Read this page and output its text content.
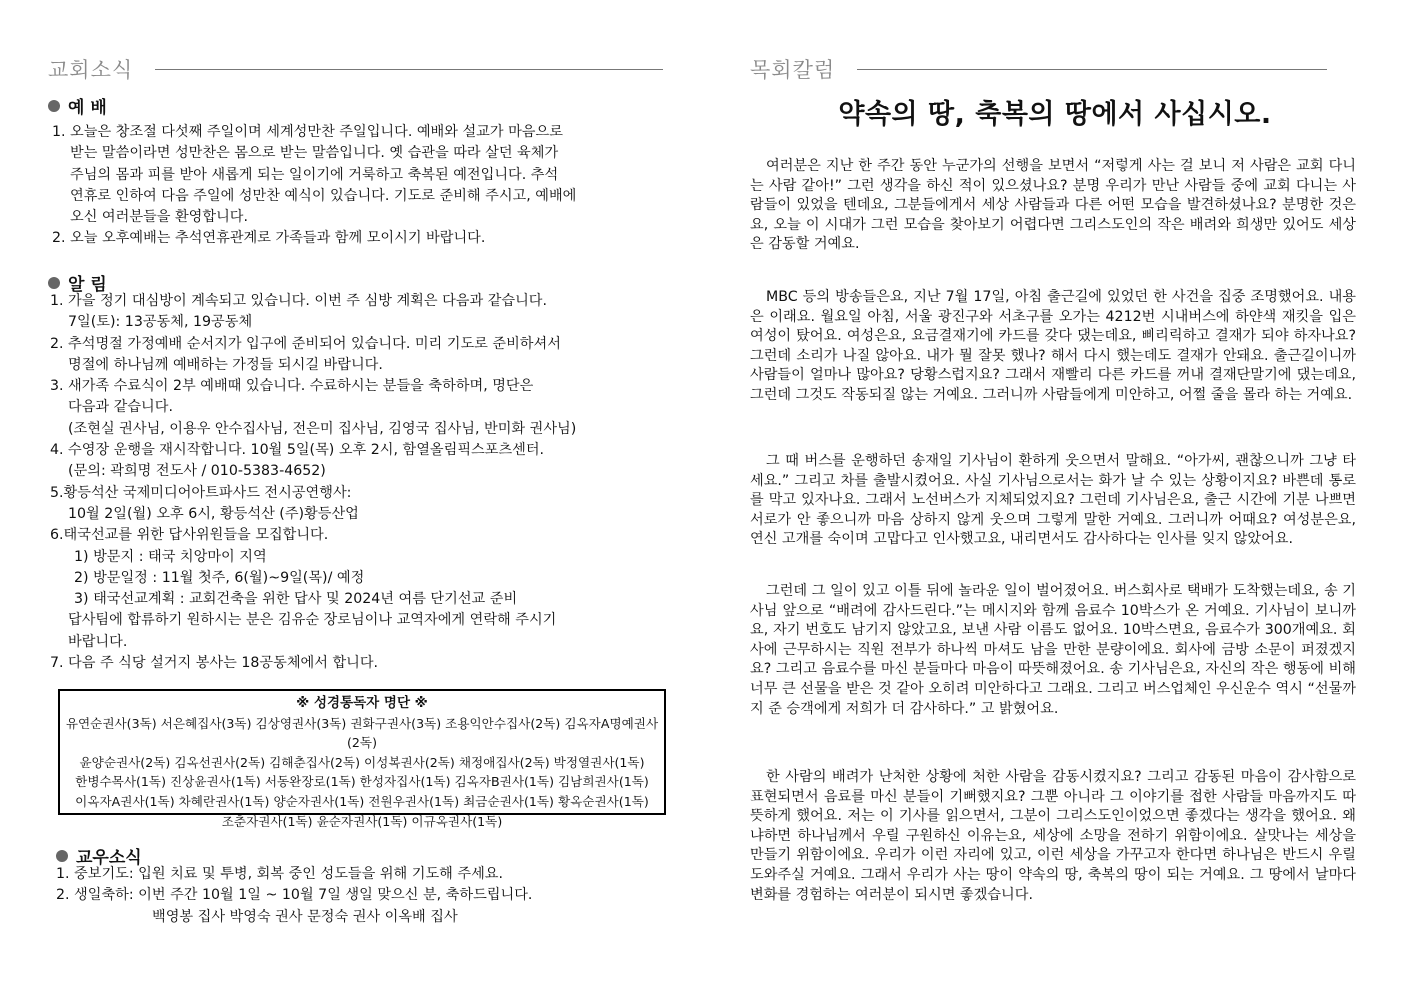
교회소식
예 배
1. 오늘은 창조절 다섯째 주일이며 세계성만찬 주일입니다. 예배와 설교가 마음으로
받는 말씀이라면 성만찬은 몸으로 받는 말씀입니다. 옛 습관을 따라 살던 육체가
주님의 몸과 피를 받아 새롭게 되는 일이기에 거룩하고 축복된 예전입니다. 추석
연휴로 인하여 다음 주일에 성만찬 예식이 있습니다. 기도로 준비해 주시고, 예배에
오신 여러분들을 환영합니다.
2. 오늘 오후예배는 추석연휴관계로 가족들과 함께 모이시기 바랍니다.
알 림
1. 가을 정기 대심방이 계속되고 있습니다. 이번 주 심방 계획은 다음과 같습니다.
7일(토): 13공동체, 19공동체
2. 추석명절 가정예배 순서지가 입구에 준비되어 있습니다. 미리 기도로 준비하셔서
명절에 하나님께 예배하는 가정들 되시길 바랍니다.
3. 새가족 수료식이 2부 예배때 있습니다. 수료하시는 분들을 축하하며, 명단은
다음과 같습니다.
(조현실 권사님, 이용우 안수집사님, 전은미 집사님, 김영국 집사님, 반미화 권사님)
4. 수영장 운행을 재시작합니다. 10월 5일(목) 오후 2시, 함열올림픽스포츠센터.
(문의: 곽희명 전도사 / 010-5383-4652)
5.황등석산 국제미디어아트파사드 전시공연행사:
10월 2일(월) 오후 6시, 황등석산 (주)황등산업
6.태국선교를 위한 답사위원들을 모집합니다.
1) 방문지 : 태국 치앙마이 지역
2) 방문일정 : 11월 첫주, 6(월)~9일(목)/ 예정
3) 태국선교계획 : 교회건축을 위한 답사 및 2024년 여름 단기선교 준비
답사팀에 합류하기 원하시는 분은 김유순 장로님이나 교역자에게 연락해 주시기
바랍니다.
7. 다음 주 식당 설거지 봉사는 18공동체에서 합니다.
※ 성경통독자 명단 ※
유연순권사(3독) 서은혜집사(3독) 김상영권사(3독) 권화구권사(3독) 조용익안수집사(2독) 김옥자A명예권사(2독)
윤양순권사(2독) 김옥선권사(2독) 김해춘집사(2독) 이성복권사(2독) 채정애집사(2독) 박정열권사(1독)
한병수목사(1독) 진상윤권사(1독) 서동완장로(1독) 한성자집사(1독) 김옥자B권사(1독) 김남희권사(1독)
이옥자A권사(1독) 차혜란권사(1독) 양순자권사(1독) 전원우권사(1독) 최금순권사(1독) 황옥순권사(1독)
조춘자권사(1독) 윤순자권사(1독) 이규옥권사(1독)
교우소식
1. 중보기도: 입원 치료 및 투병, 회복 중인 성도들을 위해 기도해 주세요.
2. 생일축하: 이번 주간 10월 1일 ~ 10월 7일 생일 맞으신 분, 축하드립니다.
백영봉 집사 박영숙 권사 문정숙 권사 이옥배 집사
목회칼럼
약속의 땅, 축복의 땅에서 사십시오.

여러분은 지난 한 주간 동안 누군가의 선행을 보면서 “저렇게 사는 걸 보니 저 사람은 교회 다니는 사람 같아!” 그런 생각을 하신 적이 있으셨나요? 분명 우리가 만난 사람들 중에 교회 다니는 사람들이 있었을 텐데요, 그분들에게서 세상 사람들과 다른 어떤 모습을 발견하셨나요? 분명한 것은요, 오늘 이 시대가 그런 모습을 찾아보기 어렵다면 그리스도인의 작은 배려와 희생만 있어도 세상은 감동할 거예요.

MBC 등의 방송들은요, 지난 7월 17일, 아침 출근길에 있었던 한 사건을 집중 조명했어요. 내용은 이래요. 월요일 아침, 서울 광진구와 서초구를 오가는 4212번 시내버스에 하얀색 재킷을 입은 여성이 탔어요. 여성은요, 요금결재기에 카드를 갖다 댔는데요, 삐리릭하고 결재가 되야 하자나요? 그런데 소리가 나질 않아요. 내가 뭘 잘못 했나? 해서 다시 했는데도 결재가 안돼요. 출근길이니까 사람들이 얼마나 많아요? 당황스럽지요? 그래서 재빨리 다른 카드를 꺼내 결재단말기에 댔는데요, 그런데 그것도 작동되질 않는 거예요. 그러니까 사람들에게 미안하고, 어쩔 줄을 몰라 하는 거예요.

그 때 버스를 운행하던 송재일 기사님이 환하게 웃으면서 말해요. “아가씨, 괜찮으니까 그냥 타세요.” 그리고 차를 출발시켰어요. 사실 기사님으로서는 화가 날 수 있는 상황이지요? 바쁜데 통로를 막고 있자나요. 그래서 노선버스가 지체되었지요? 그런데 기사님은요, 출근 시간에 기분 나쁘면 서로가 안 좋으니까 마음 상하지 않게 웃으며 그렇게 말한 거예요. 그러니까 어때요? 여성분은요, 연신 고개를 숙이며 고맙다고 인사했고요, 내리면서도 감사하다는 인사를 잊지 않았어요.

그런데 그 일이 있고 이틀 뒤에 놀라운 일이 벌어졌어요. 버스회사로 택배가 도착했는데요, 송 기사님 앞으로 “배려에 감사드린다.”는 메시지와 함께 음료수 10박스가 온 거예요. 기사님이 보니까요, 자기 번호도 남기지 않았고요, 보낸 사람 이름도 없어요. 10박스면요, 음료수가 300개예요. 회사에 근무하시는 직원 전부가 하나씩 마셔도 남을 만한 분량이에요. 회사에 금방 소문이 퍼졌겠지요? 그리고 음료수를 마신 분들마다 마음이 따뜻해졌어요. 송 기사님은요, 자신의 작은 행동에 비해 너무 큰 선물을 받은 것 같아 오히려 미안하다고 그래요. 그리고 버스업체인 우신운수 역시 “선물까지 준 승객에게 저희가 더 감사하다.” 고 밝혔어요.

한 사람의 배려가 난처한 상황에 처한 사람을 감동시켰지요? 그리고 감동된 마음이 감사함으로 표현되면서 음료를 마신 분들이 기뻐했지요? 그뿐 아니라 그 이야기를 접한 사람들 마음까지도 따뜻하게 했어요. 저는 이 기사를 읽으면서, 그분이 그리스도인이었으면 좋겠다는 생각을 했어요. 왜냐하면 하나님께서 우릴 구원하신 이유는요, 세상에 소망을 전하기 위함이에요. 살맛나는 세상을 만들기 위함이에요. 우리가 이런 자리에 있고, 이런 세상을 가꾸고자 한다면 하나님은 반드시 우릴 도와주실 거예요. 그래서 우리가 사는 땅이 약속의 땅, 축복의 땅이 되는 거예요. 그 땅에서 날마다 변화를 경험하는 여러분이 되시면 좋겠습니다.
